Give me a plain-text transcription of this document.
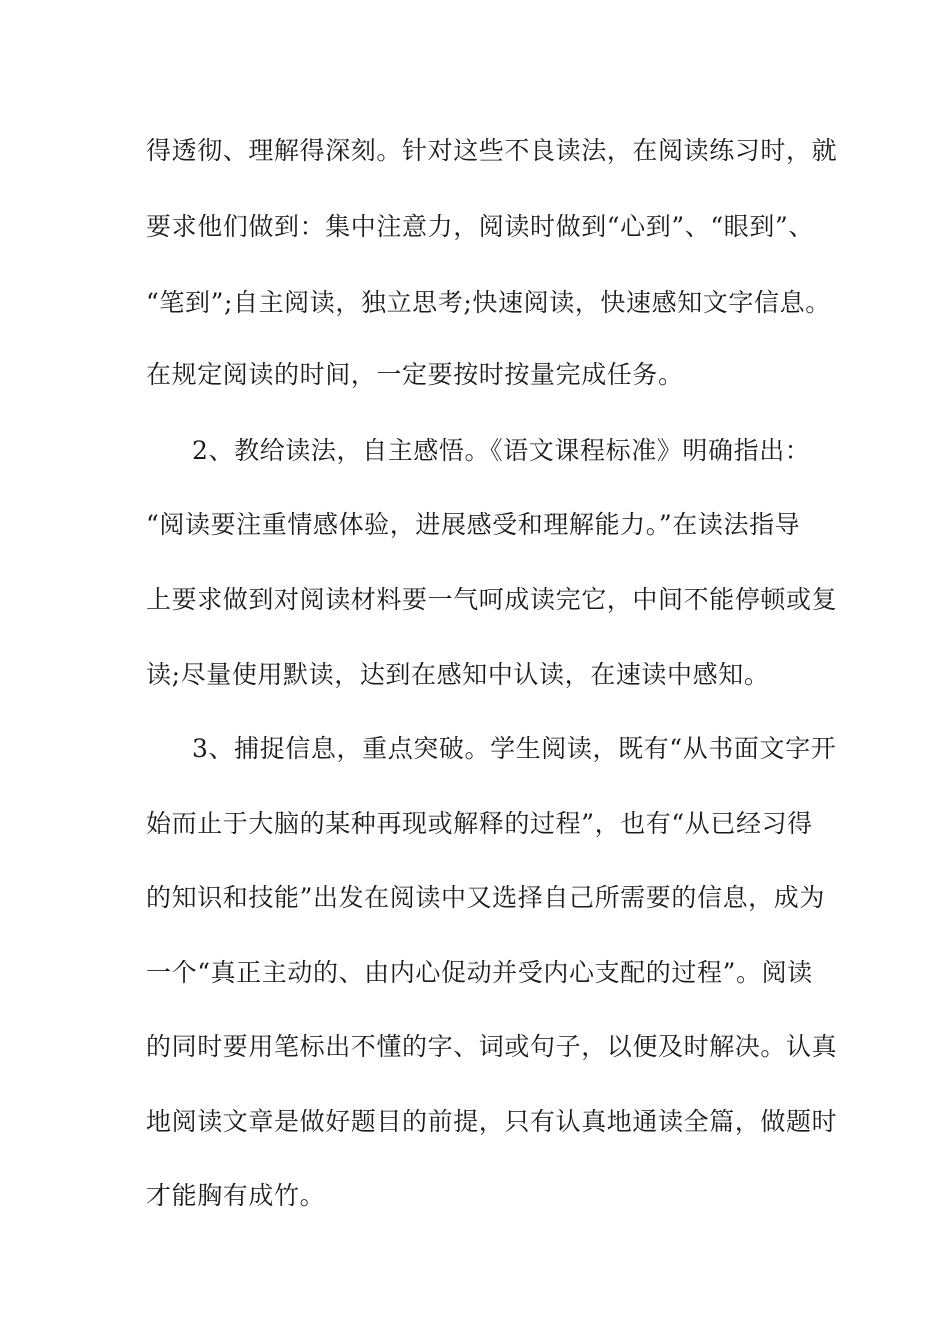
得透彻、理解得深刻。针对这些不良读法，在阅读练习时，就
要求他们做到：集中注意力，阅读时做到“心到”、“眼到”、
“笔到”;自主阅读，独立思考;快速阅读，快速感知文字信息。
在规定阅读的时间，一定要按时按量完成任务。
2、教给读法，自主感悟。《语文课程标准》明确指出：
“阅读要注重情感体验，进展感受和理解能力。”在读法指导
上要求做到对阅读材料要一气呵成读完它，中间不能停顿或复
读;尽量使用默读，达到在感知中认读，在速读中感知。
3、捕捉信息，重点突破。学生阅读，既有“从书面文字开
始而止于大脑的某种再现或解释的过程”，也有“从已经习得
的知识和技能”出发在阅读中又选择自己所需要的信息，成为
一个“真正主动的、由内心促动并受内心支配的过程”。阅读
的同时要用笔标出不懂的字、词或句子，以便及时解决。认真
地阅读文章是做好题目的前提，只有认真地通读全篇，做题时
才能胸有成竹。
